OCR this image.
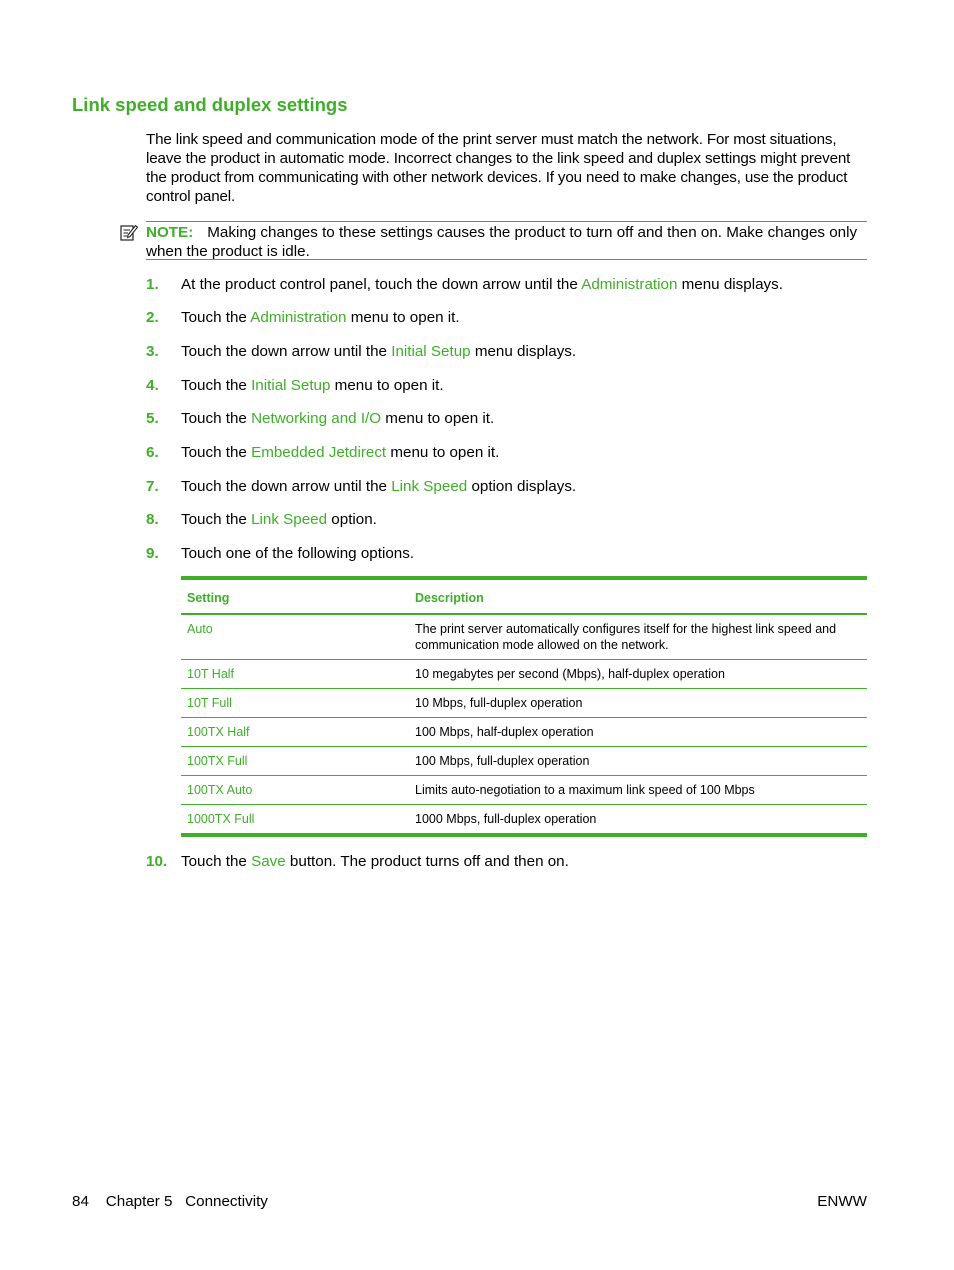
Link speed and duplex settings

The link speed and communication mode of the print server must match the network. For most situations, leave the product in automatic mode. Incorrect changes to the link speed and duplex settings might prevent the product from communicating with other network devices. If you need to make changes, use the product control panel.

NOTE: Making changes to these settings causes the product to turn off and then on. Make changes only when the product is idle.
1. At the product control panel, touch the down arrow until the Administration menu displays.
2. Touch the Administration menu to open it.
3. Touch the down arrow until the Initial Setup menu displays.
4. Touch the Initial Setup menu to open it.
5. Touch the Networking and I/O menu to open it.
6. Touch the Embedded Jetdirect menu to open it.
7. Touch the down arrow until the Link Speed option displays.
8. Touch the Link Speed option.
9. Touch one of the following options.
Setting	Description
Auto	The print server automatically configures itself for the highest link speed and communication mode allowed on the network.
10T Half	10 megabytes per second (Mbps), half-duplex operation
10T Full	10 Mbps, full-duplex operation
100TX Half	100 Mbps, half-duplex operation
100TX Full	100 Mbps, full-duplex operation
100TX Auto	Limits auto-negotiation to a maximum link speed of 100 Mbps
1000TX Full	1000 Mbps, full-duplex operation
10. Touch the Save button. The product turns off and then on.
84 Chapter 5 Connectivity	ENWW
